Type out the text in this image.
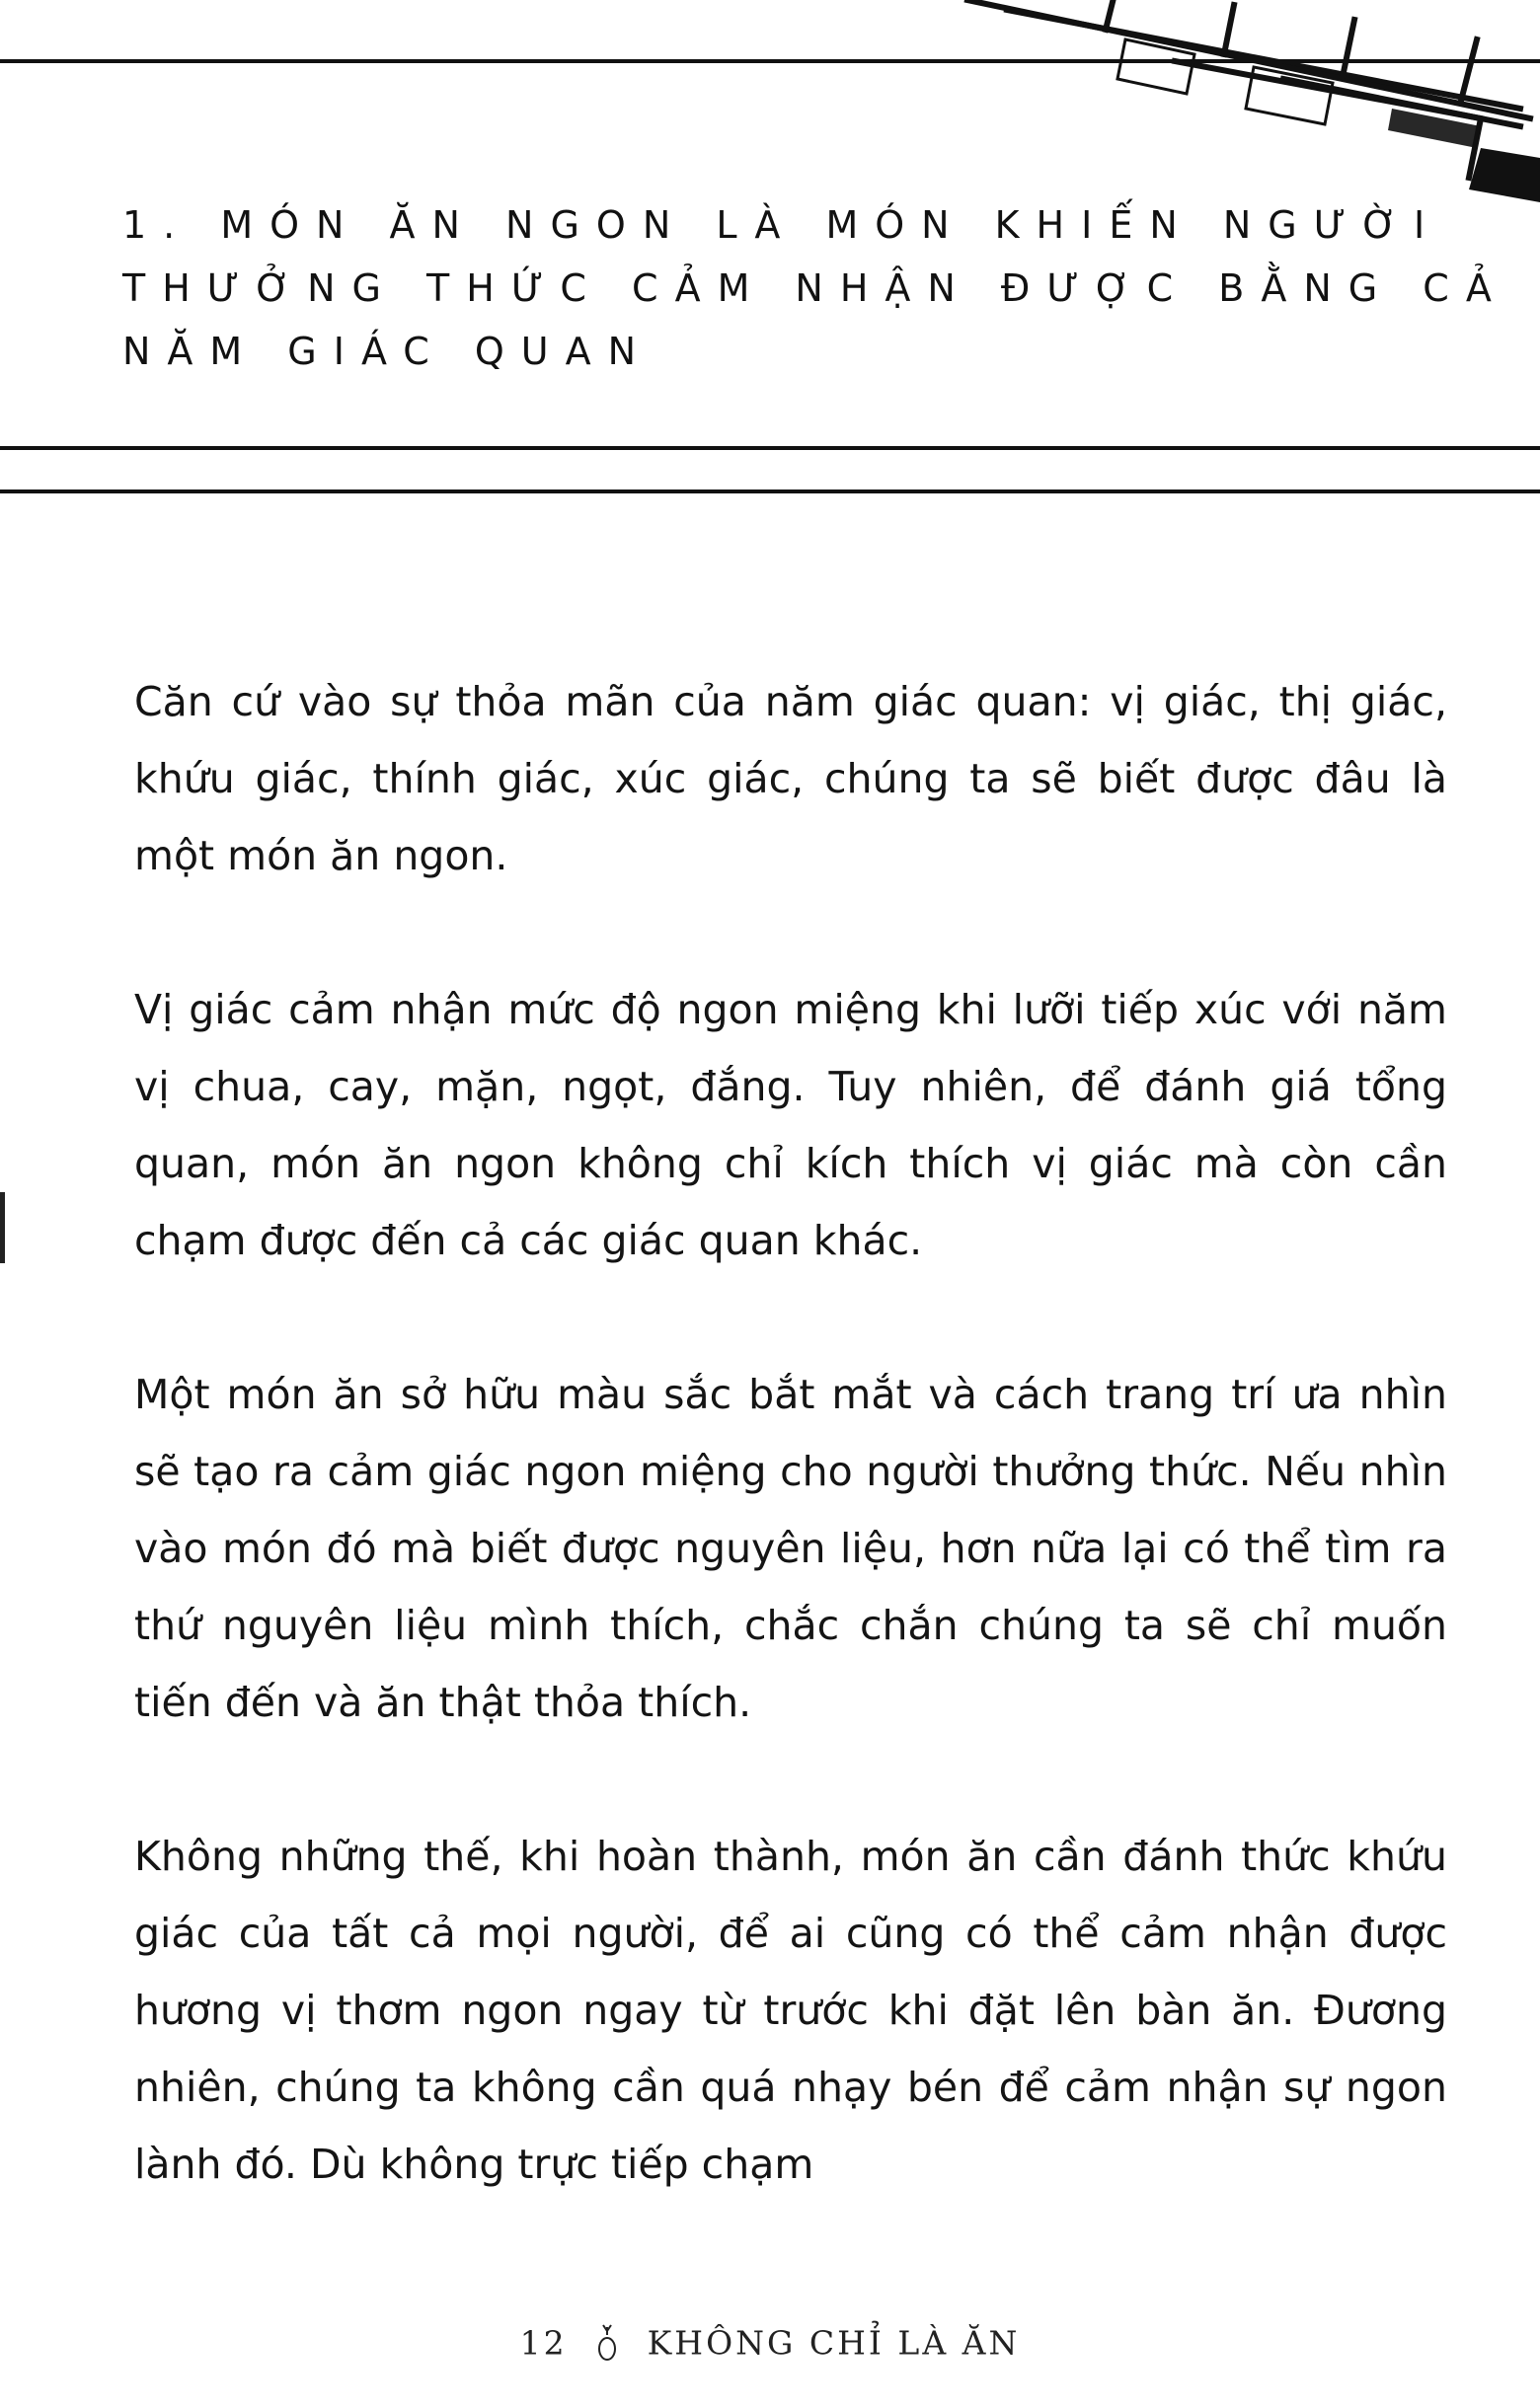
1. MÓN ĂN NGON LÀ MÓN KHIẾN NGƯỜI
THƯỞNG THỨC CẢM NHẬN ĐƯỢC BẰNG CẢ
NĂM GIÁC QUAN

Căn cứ vào sự thỏa mãn của năm giác quan: vị giác, thị giác, khứu giác, thính giác, xúc giác, chúng ta sẽ biết được đâu là một món ăn ngon.

Vị giác cảm nhận mức độ ngon miệng khi lưỡi tiếp xúc với năm vị chua, cay, mặn, ngọt, đắng. Tuy nhiên, để đánh giá tổng quan, món ăn ngon không chỉ kích thích vị giác mà còn cần chạm được đến cả các giác quan khác.

Một món ăn sở hữu màu sắc bắt mắt và cách trang trí ưa nhìn sẽ tạo ra cảm giác ngon miệng cho người thưởng thức. Nếu nhìn vào món đó mà biết được nguyên liệu, hơn nữa lại có thể tìm ra thứ nguyên liệu mình thích, chắc chắn chúng ta sẽ chỉ muốn tiến đến và ăn thật thỏa thích.

Không những thế, khi hoàn thành, món ăn cần đánh thức khứu giác của tất cả mọi người, để ai cũng có thể cảm nhận được hương vị thơm ngon ngay từ trước khi đặt lên bàn ăn. Đương nhiên, chúng ta không cần quá nhạy bén để cảm nhận sự ngon lành đó. Dù không trực tiếp chạm

12 KHÔNG CHỈ LÀ ĂN
